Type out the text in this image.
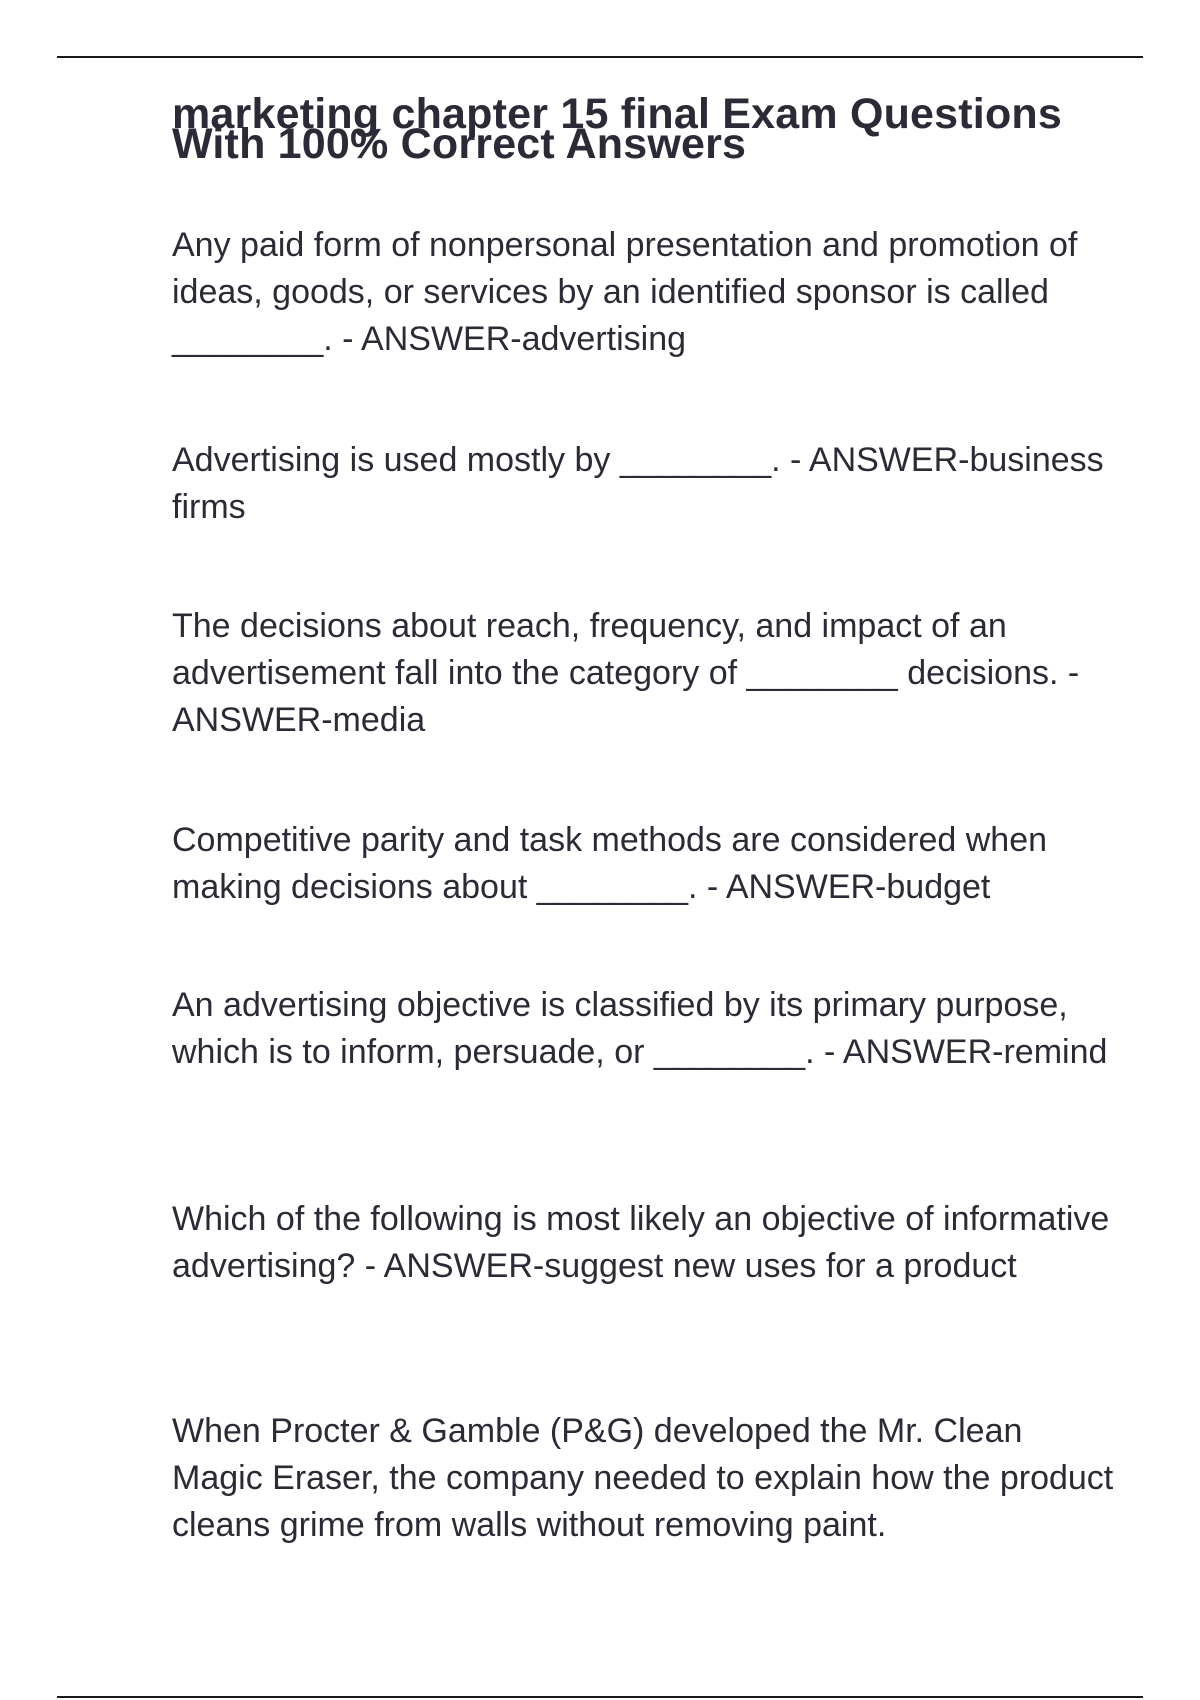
marketing chapter 15 final Exam Questions With 100% Correct Answers

Any paid form of nonpersonal presentation and promotion of ideas, goods, or services by an identified sponsor is called ________. - ANSWER-advertising

Advertising is used mostly by ________. - ANSWER-business firms

The decisions about reach, frequency, and impact of an advertisement fall into the category of ________ decisions. - ANSWER-media

Competitive parity and task methods are considered when making decisions about ________. - ANSWER-budget

An advertising objective is classified by its primary purpose, which is to inform, persuade, or ________. - ANSWER-remind

Which of the following is most likely an objective of informative advertising? - ANSWER-suggest new uses for a product

When Procter & Gamble (P&G) developed the Mr. Clean Magic Eraser, the company needed to explain how the product cleans grime from walls without removing paint.
